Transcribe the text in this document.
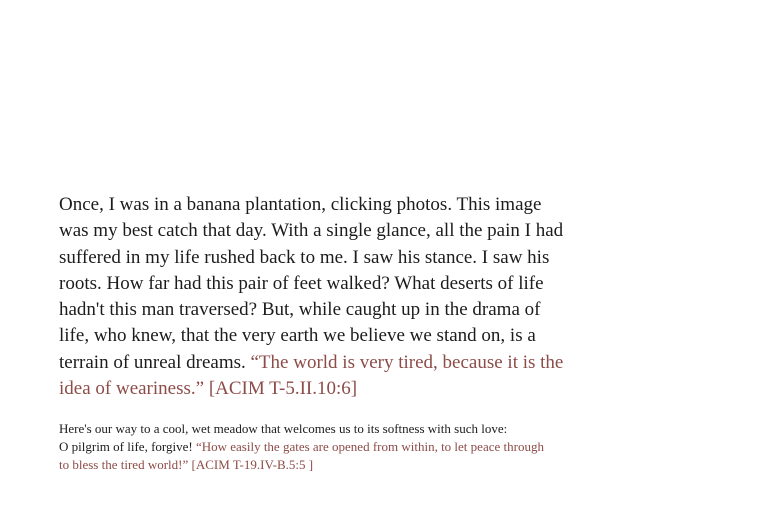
Once, I was in a banana plantation, clicking photos. This image was my best catch that day. With a single glance, all the pain I had suffered in my life rushed back to me. I saw his stance. I saw his roots. How far had this pair of feet walked? What deserts of life hadn't this man traversed? But, while caught up in the drama of life, who knew, that the very earth we believe we stand on, is a terrain of unreal dreams. “The world is very tired, because it is the idea of weariness.” [ACIM T-5.II.10:6]

Here's our way to a cool, wet meadow that welcomes us to its softness with such love:
O pilgrim of life, forgive! “How easily the gates are opened from within, to let peace through to bless the tired world!” [ACIM T-19.IV-B.5:5 ]
